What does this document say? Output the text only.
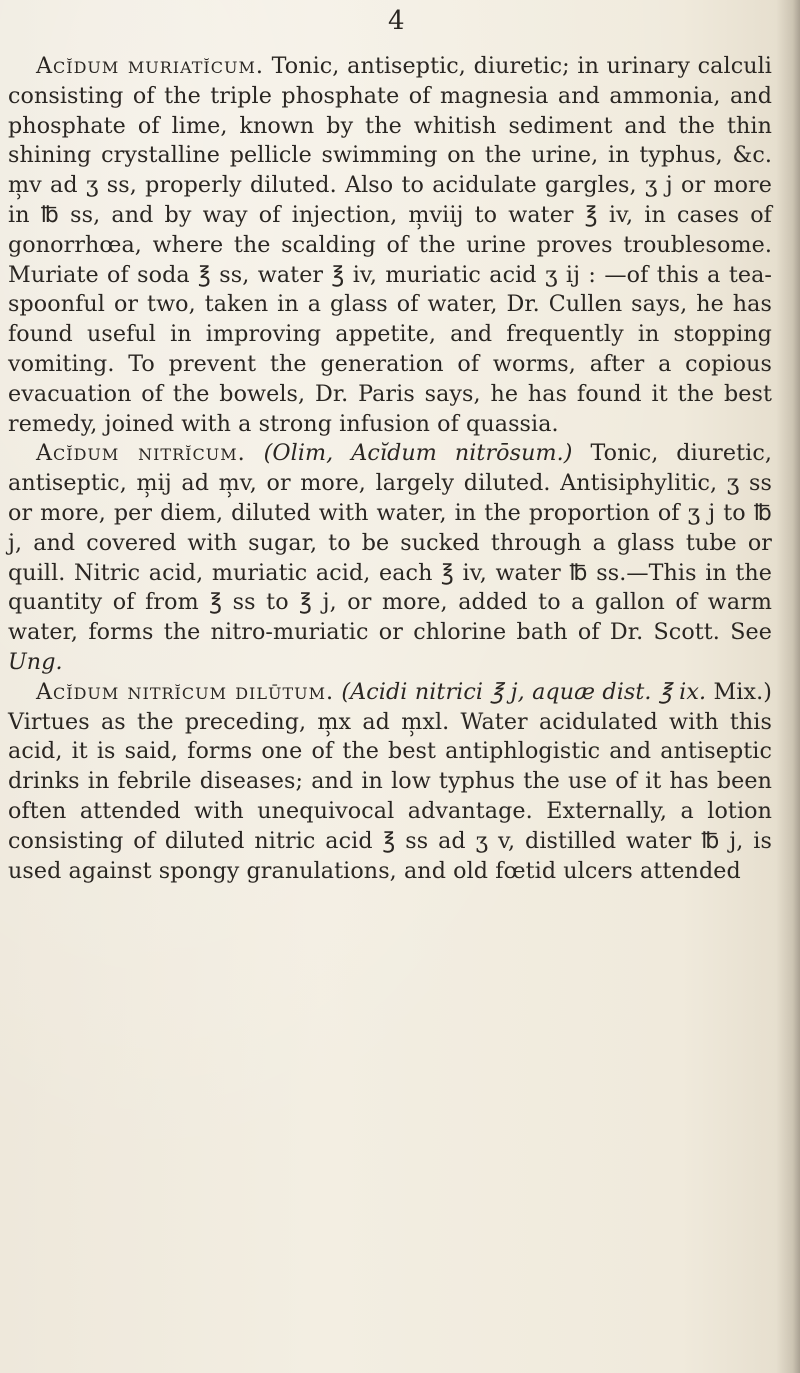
4

Acĭdum muriatĭcum. Tonic, antiseptic, diuretic; in urinary calculi consisting of the triple phosphate of magnesia and ammonia, and phosphate of lime, known by the whitish sediment and the thin shining crystalline pellicle swimming on the urine, in typhus, &c. m̹v ad ʒ ss, properly diluted. Also to acidulate gargles, ʒ j or more in ℔ ss, and by way of injection, m̹viij to water ℥ iv, in cases of gonorrhœa, where the scalding of the urine proves troublesome. Muriate of soda ℥ ss, water ℥ iv, muriatic acid ʒ ij : —of this a tea-spoonful or two, taken in a glass of water, Dr. Cullen says, he has found useful in improving appetite, and frequently in stopping vomiting. To prevent the generation of worms, after a copious evacuation of the bowels, Dr. Paris says, he has found it the best remedy, joined with a strong infusion of quassia.

Acĭdum nitrĭcum. (Olim, Acĭdum nitrōsum.) Tonic, diuretic, antiseptic, m̹ij ad m̹v, or more, largely diluted. Antisiphylitic, ʒ ss or more, per diem, diluted with water, in the proportion of ʒ j to ℔ j, and covered with sugar, to be sucked through a glass tube or quill. Nitric acid, muriatic acid, each ℥ iv, water ℔ ss.—This in the quantity of from ℥ ss to ℥ j, or more, added to a gallon of warm water, forms the nitro-muriatic or chlorine bath of Dr. Scott. See Ung.

Acĭdum nitrĭcum dilūtum. (Acidi nitrici ℥ j, aquæ dist. ℥ ix. Mix.) Virtues as the preceding, m̹x ad m̹xl. Water acidulated with this acid, it is said, forms one of the best antiphlogistic and antiseptic drinks in febrile diseases; and in low typhus the use of it has been often attended with unequivocal advantage. Externally, a lotion consisting of diluted nitric acid ℥ ss ad ʒ v, distilled water ℔ j, is used against spongy granulations, and old fœtid ulcers attended
